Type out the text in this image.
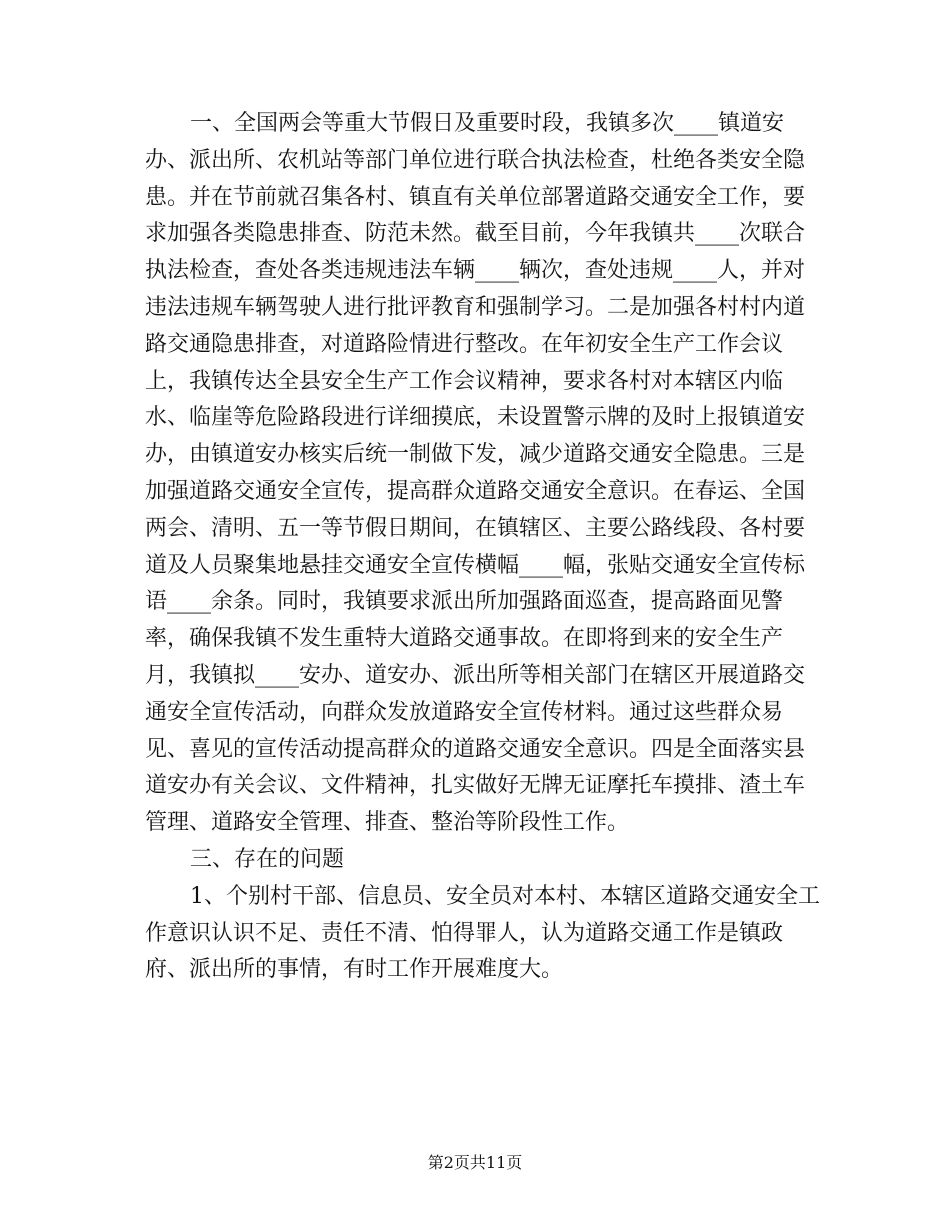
一、全国两会等重大节假日及重要时段，我镇多次____镇道安
办、派出所、农机站等部门单位进行联合执法检查，杜绝各类安全隐
患。并在节前就召集各村、镇直有关单位部署道路交通安全工作，要
求加强各类隐患排查、防范未然。截至目前，今年我镇共____次联合
执法检查，查处各类违规违法车辆____辆次，查处违规____人，并对
违法违规车辆驾驶人进行批评教育和强制学习。二是加强各村村内道
路交通隐患排查，对道路险情进行整改。在年初安全生产工作会议
上，我镇传达全县安全生产工作会议精神，要求各村对本辖区内临
水、临崖等危险路段进行详细摸底，未设置警示牌的及时上报镇道安
办，由镇道安办核实后统一制做下发，减少道路交通安全隐患。三是
加强道路交通安全宣传，提高群众道路交通安全意识。在春运、全国
两会、清明、五一等节假日期间，在镇辖区、主要公路线段、各村要
道及人员聚集地悬挂交通安全宣传横幅____幅，张贴交通安全宣传标
语____余条。同时，我镇要求派出所加强路面巡查，提高路面见警
率，确保我镇不发生重特大道路交通事故。在即将到来的安全生产
月，我镇拟____安办、道安办、派出所等相关部门在辖区开展道路交
通安全宣传活动，向群众发放道路安全宣传材料。通过这些群众易
见、喜见的宣传活动提高群众的道路交通安全意识。四是全面落实县
道安办有关会议、文件精神，扎实做好无牌无证摩托车摸排、渣土车
管理、道路安全管理、排查、整治等阶段性工作。
三、存在的问题
1、个别村干部、信息员、安全员对本村、本辖区道路交通安全工
作意识认识不足、责任不清、怕得罪人，认为道路交通工作是镇政
府、派出所的事情，有时工作开展难度大。
第2页共11页
